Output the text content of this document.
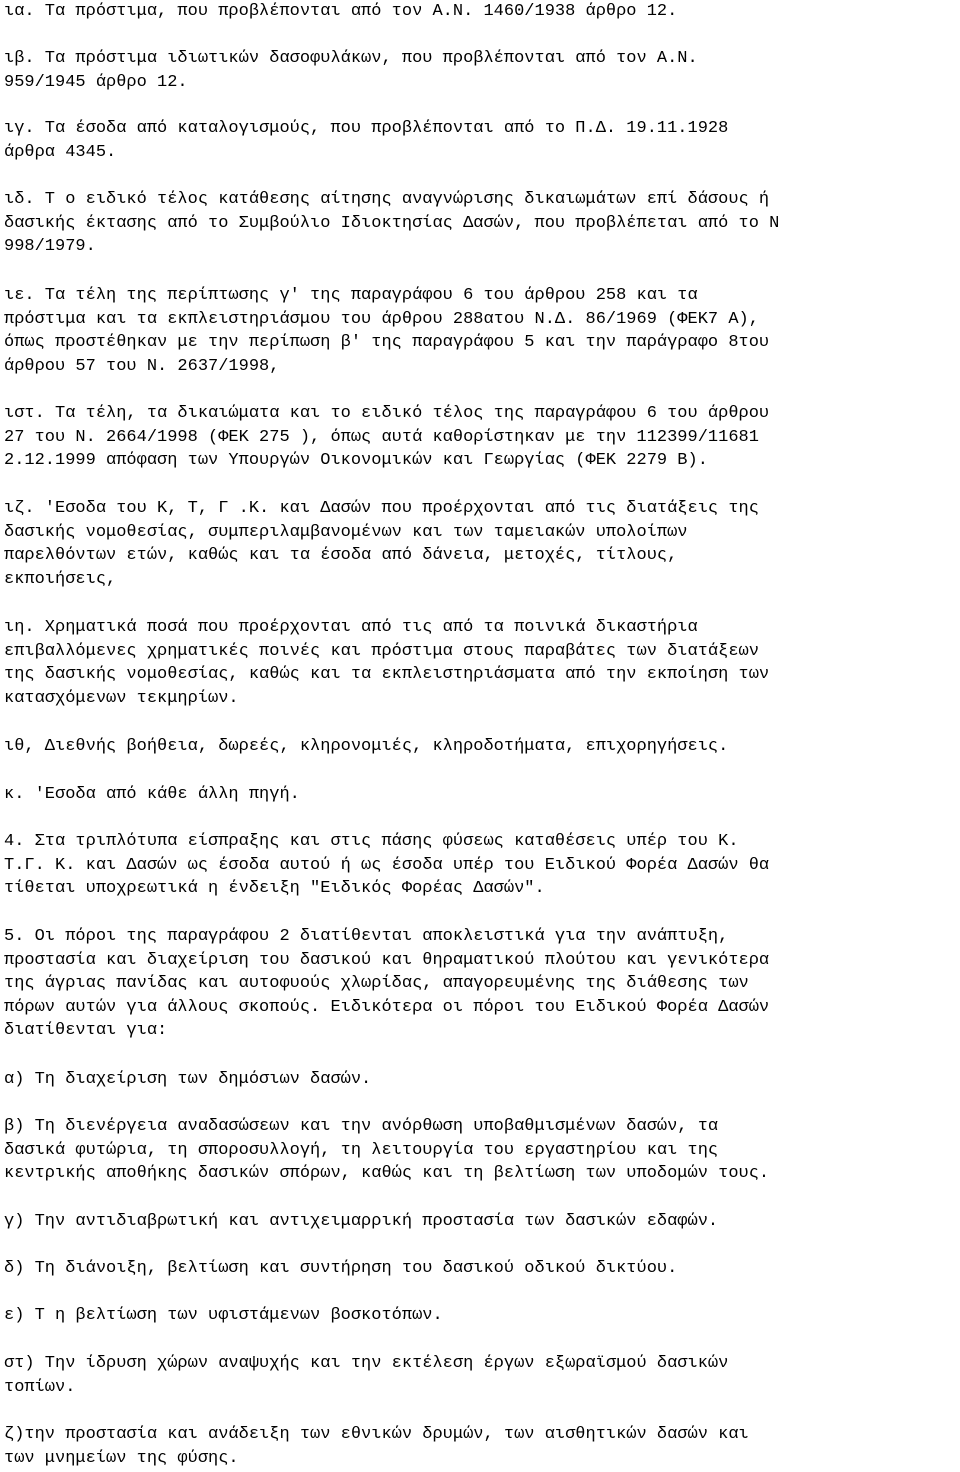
ια. Τα πρόστιμα, που προβλέπονται από τον Α.Ν. 1460/1938 άρθρο 12.

ιβ. Τα πρόστιμα ιδιωτικών δασοφυλάκων, που προβλέπονται από τον Α.Ν.
959/1945 άρθρο 12.

ιγ. Τα έσοδα από καταλογισμούς, που προβλέπονται από το Π.Δ. 19.11.1928
άρθρα 4345.

ιδ. Τ ο ειδικό τέλος κατάθεσης αίτησης αναγνώρισης δικαιωμάτων επί δάσους ή
δασικής έκτασης από το Συμβούλιο Ιδιοκτησίας Δασών, που προβλέπεται από το Ν
998/1979.

ιε. Τα τέλη της περίπτωσης γ' της παραγράφου 6 του άρθρου 258 και τα
πρόστιμα και τα εκπλειστηριάσμου του άρθρου 288ατου Ν.Δ. 86/1969 (ΦΕΚ7 Α),
όπως προστέθηκαν με την περίπωση β' της παραγράφου 5 και την παράγραφο 8του
άρθρου 57 του Ν. 2637/1998,

ιστ. Τα τέλη, τα δικαιώματα και το ειδικό τέλος της παραγράφου 6 του άρθρου
27 του Ν. 2664/1998 (ΦΕΚ 275 ), όπως αυτά καθορίστηκαν με την 112399/11681
2.12.1999 απόφαση των Υπουργών Οικονομικών και Γεωργίας (ΦΕΚ 2279 Β).

ιζ. 'Εσοδα του Κ, Τ, Γ .Κ. και Δασών που προέρχονται από τις διατάξεις της
δασικής νομοθεσίας, συμπεριλαμβανομένων και των ταμειακών υπολοίπων
παρελθόντων ετών, καθώς και τα έσοδα από δάνεια, μετοχές, τίτλους,
εκποιήσεις,

ιη. Χρηματικά ποσά που προέρχονται από τις από τα ποινικά δικαστήρια
επιβαλλόμενες χρηματικές ποινές και πρόστιμα στους παραβάτες των διατάξεων
της δασικής νομοθεσίας, καθώς και τα εκπλειστηριάσματα από την εκποίηση των
κατασχόμενων τεκμηρίων.

ιθ, Διεθνής βοήθεια, δωρεές, κληρονομιές, κληροδοτήματα, επιχορηγήσεις.

κ. 'Εσοδα από κάθε άλλη πηγή.

4. Στα τριπλότυπα είσπραξης και στις πάσης φύσεως καταθέσεις υπέρ του Κ.
Τ.Γ. Κ. και Δασών ως έσοδα αυτού ή ως έσοδα υπέρ του Ειδικού Φορέα Δασών θα
τίθεται υποχρεωτικά η ένδειξη "Ειδικός Φορέας Δασών".

5. Οι πόροι της παραγράφου 2 διατίθενται αποκλειστικά για την ανάπτυξη,
προστασία και διαχείριση του δασικού και θηραματικού πλούτου και γενικότερα
της άγριας πανίδας και αυτοφυούς χλωρίδας, απαγορευμένης της διάθεσης των
πόρων αυτών για άλλους σκοπούς. Ειδικότερα οι πόροι του Ειδικού Φορέα Δασών
διατίθενται για:

α) Τη διαχείριση των δημόσιων δασών.

β) Τη διενέργεια αναδασώσεων και την ανόρθωση υποβαθμισμένων δασών, τα
δασικά φυτώρια, τη σποροσυλλογή, τη λειτουργία του εργαστηρίου και της
κεντρικής αποθήκης δασικών σπόρων, καθώς και τη βελτίωση των υποδομών τους.

γ) Την αντιδιαβρωτική και αντιχειμαρρική προστασία των δασικών εδαφών.

δ) Τη διάνοιξη, βελτίωση και συντήρηση του δασικού οδικού δικτύου.

ε) Τ η βελτίωση των υφιστάμενων βοσκοτόπων.

στ) Την ίδρυση χώρων αναψυχής και την εκτέλεση έργων εξωραϊσμού δασικών
τοπίων.

ζ)την προστασία και ανάδειξη των εθνικών δρυμών, των αισθητικών δασών και
των μνημείων της φύσης.
